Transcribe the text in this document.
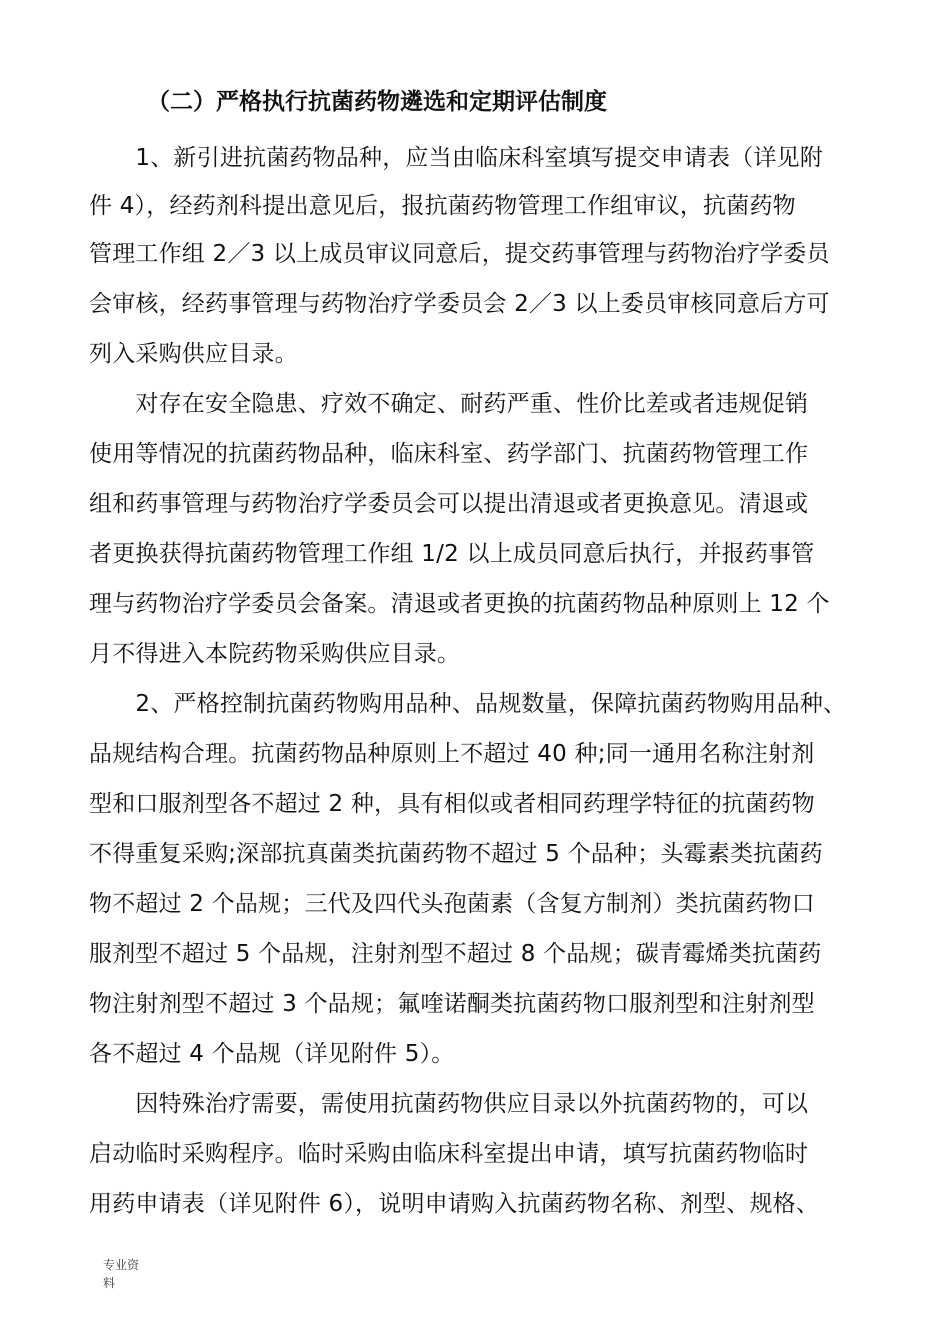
（二）严格执行抗菌药物遴选和定期评估制度
　　1、新引进抗菌药物品种，应当由临床科室填写提交申请表（详见附
件 4），经药剂科提出意见后，报抗菌药物管理工作组审议，抗菌药物
管理工作组 2／3 以上成员审议同意后，提交药事管理与药物治疗学委员
会审核，经药事管理与药物治疗学委员会 2／3 以上委员审核同意后方可
列入采购供应目录。
　　对存在安全隐患、疗效不确定、耐药严重、性价比差或者违规促销
使用等情况的抗菌药物品种，临床科室、药学部门、抗菌药物管理工作
组和药事管理与药物治疗学委员会可以提出清退或者更换意见。清退或
者更换获得抗菌药物管理工作组 1/2 以上成员同意后执行，并报药事管
理与药物治疗学委员会备案。清退或者更换的抗菌药物品种原则上 12 个
月不得进入本院药物采购供应目录。
　　2、严格控制抗菌药物购用品种、品规数量，保障抗菌药物购用品种、
品规结构合理。抗菌药物品种原则上不超过 40 种;同一通用名称注射剂
型和口服剂型各不超过 2 种，具有相似或者相同药理学特征的抗菌药物
不得重复采购;深部抗真菌类抗菌药物不超过 5 个品种；头霉素类抗菌药
物不超过 2 个品规；三代及四代头孢菌素（含复方制剂）类抗菌药物口
服剂型不超过 5 个品规，注射剂型不超过 8 个品规；碳青霉烯类抗菌药
物注射剂型不超过 3 个品规；氟喹诺酮类抗菌药物口服剂型和注射剂型
各不超过 4 个品规（详见附件 5）。
　　因特殊治疗需要，需使用抗菌药物供应目录以外抗菌药物的，可以
启动临时采购程序。临时采购由临床科室提出申请，填写抗菌药物临时
用药申请表（详见附件 6），说明申请购入抗菌药物名称、剂型、规格、
专业资
料
